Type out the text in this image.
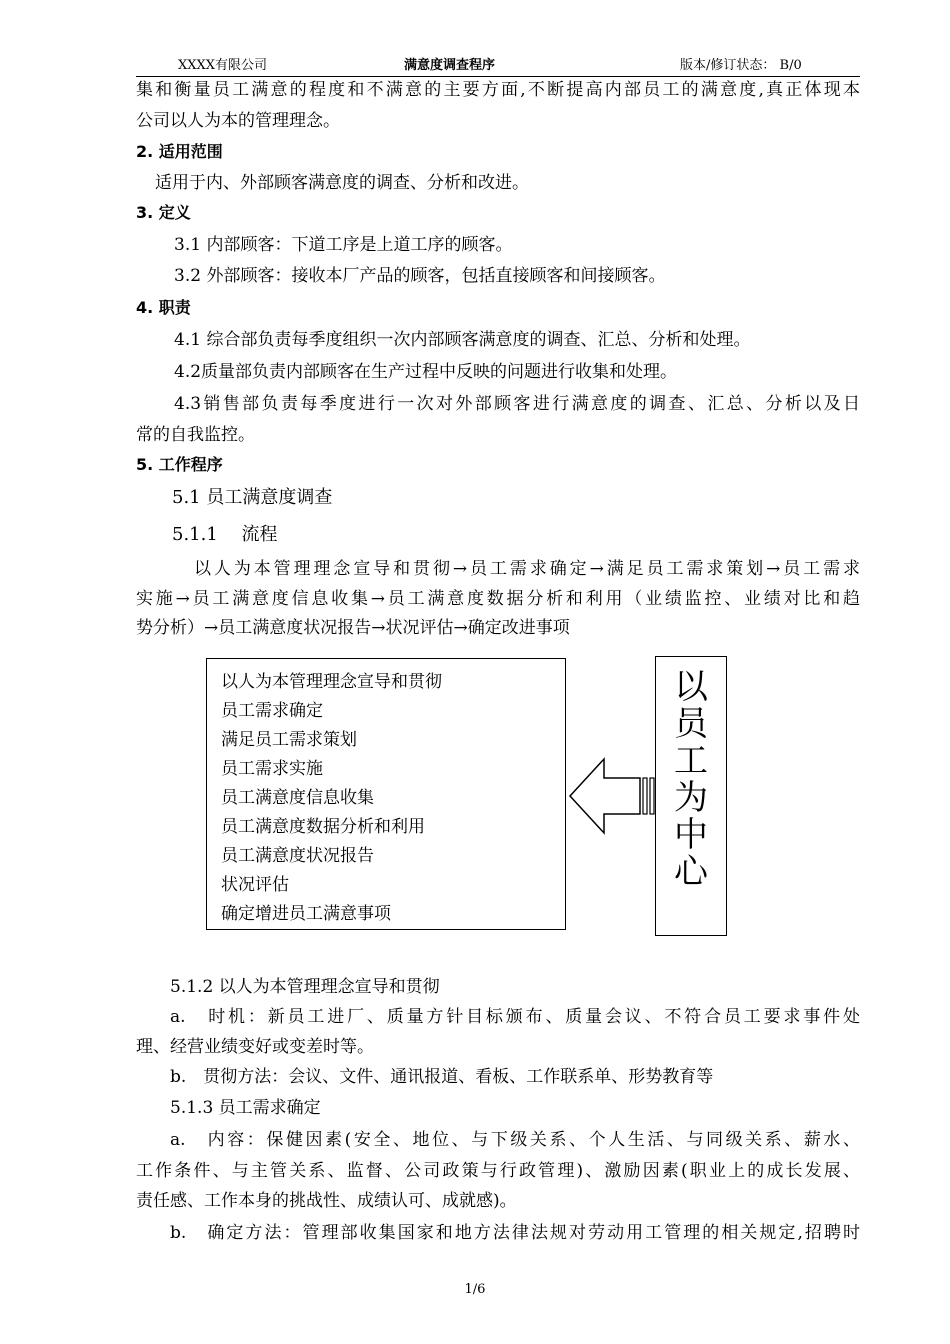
XXXX有限公司	满意度调查程序	版本/修订状态： B/0
集和衡量员工满意的程度和不满意的主要方面,不断提高内部员工的满意度,真正体现本
公司以人为本的管理理念。
2. 适用范围
适用于内、外部顾客满意度的调查、分析和改进。
3. 定义
3.1 内部顾客：下道工序是上道工序的顾客。
3.2 外部顾客：接收本厂产品的顾客，包括直接顾客和间接顾客。
4. 职责
4.1 综合部负责每季度组织一次内部顾客满意度的调查、汇总、分析和处理。
4.2质量部负责内部顾客在生产过程中反映的问题进行收集和处理。
4.3销售部负责每季度进行一次对外部顾客进行满意度的调查、汇总、分析以及日
常的自我监控。
5. 工作程序
5.1 员工满意度调查
5.1.1　 流程
以人为本管理理念宣导和贯彻→员工需求确定→满足员工需求策划→员工需求
实施→员工满意度信息收集→员工满意度数据分析和利用（业绩监控、业绩对比和趋
势分析）→员工满意度状况报告→状况评估→确定改进事项
以人为本管理理念宣导和贯彻
员工需求确定
满足员工需求策划
员工需求实施
员工满意度信息收集
员工满意度数据分析和利用
员工满意度状况报告
状况评估
确定增进员工满意事项
以
员
工
为
中
心
5.1.2 以人为本管理理念宣导和贯彻
a.　时机：新员工进厂、质量方针目标颁布、质量会议、不符合员工要求事件处
理、经营业绩变好或变差时等。
b.　贯彻方法：会议、文件、通讯报道、看板、工作联系单、形势教育等
5.1.3 员工需求确定
a.　内容：保健因素(安全、地位、与下级关系、个人生活、与同级关系、薪水、
工作条件、与主管关系、监督、公司政策与行政管理)、激励因素(职业上的成长发展、
责任感、工作本身的挑战性、成绩认可、成就感)。
b.　确定方法：管理部收集国家和地方法律法规对劳动用工管理的相关规定,招聘时
1/6
